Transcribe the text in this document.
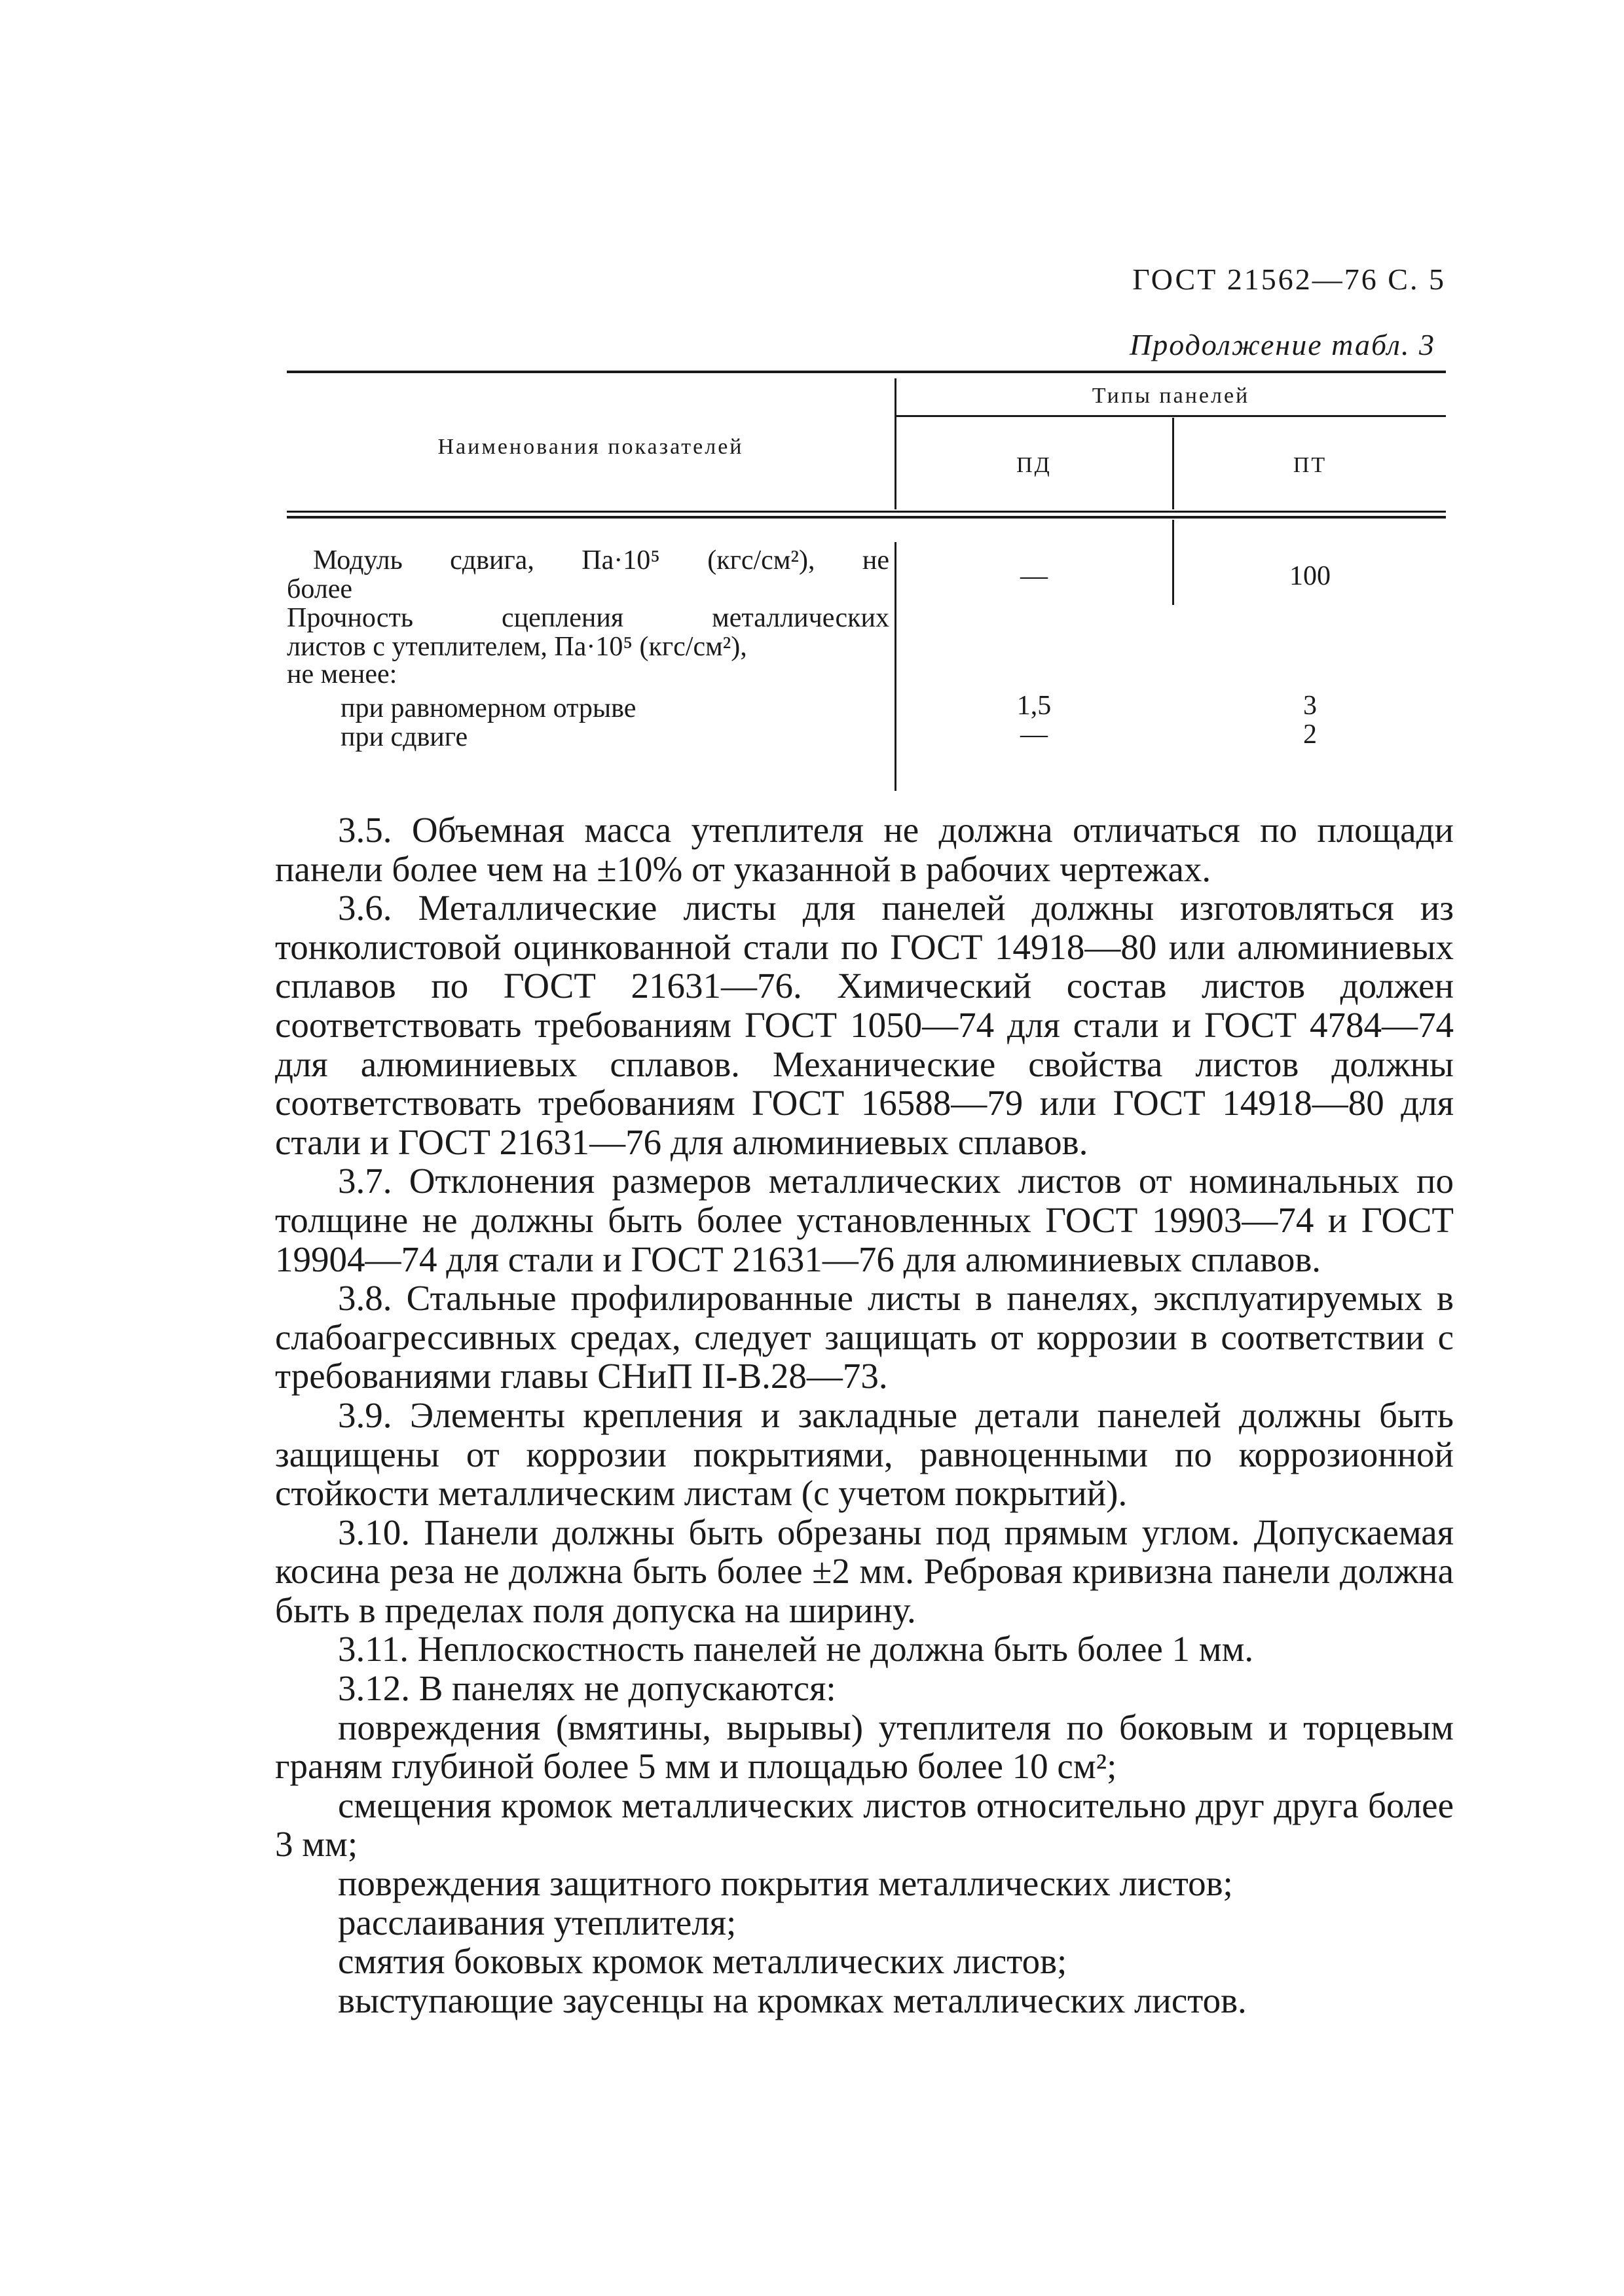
ГОСТ 21562—76 С. 5
Продолжение табл. 3
Наименования показателей
Типы панелей
ПД	ПТ
Модуль сдвига, Па·10⁵ (кгс/см²), не
более	—	100
Прочность сцепления металлических
листов с утеплителем, Па·10⁵ (кгс/см²),
не менее:
при равномерном отрыве	1,5	3
при сдвиге	—	2

3.5. Объемная масса утеплителя не должна отличаться по площади панели более чем на ±10% от указанной в рабочих чертежах.

3.6. Металлические листы для панелей должны изготовляться из тонколистовой оцинкованной стали по ГОСТ 14918—80 или алюминиевых сплавов по ГОСТ 21631—76. Химический состав листов должен соответствовать требованиям ГОСТ 1050—74 для стали и ГОСТ 4784—74 для алюминиевых сплавов. Механические свойства листов должны соответствовать требованиям ГОСТ 16588—79 или ГОСТ 14918—80 для стали и ГОСТ 21631—76 для алюминиевых сплавов.

3.7. Отклонения размеров металлических листов от номинальных по толщине не должны быть более установленных ГОСТ 19903—74 и ГОСТ 19904—74 для стали и ГОСТ 21631—76 для алюминиевых сплавов.

3.8. Стальные профилированные листы в панелях, эксплуатируемых в слабоагрессивных средах, следует защищать от коррозии в соответствии с требованиями главы СНиП II-В.28—73.

3.9. Элементы крепления и закладные детали панелей должны быть защищены от коррозии покрытиями, равноценными по коррозионной стойкости металлическим листам (с учетом покрытий).

3.10. Панели должны быть обрезаны под прямым углом. Допускаемая косина реза не должна быть более ±2 мм. Ребровая кривизна панели должна быть в пределах поля допуска на ширину.

3.11. Неплоскостность панелей не должна быть более 1 мм.

3.12. В панелях не допускаются:

повреждения (вмятины, вырывы) утеплителя по боковым и торцевым граням глубиной более 5 мм и площадью более 10 см²;

смещения кромок металлических листов относительно друг друга более 3 мм;

повреждения защитного покрытия металлических листов;

расслаивания утеплителя;

смятия боковых кромок металлических листов;

выступающие заусенцы на кромках металлических листов.
